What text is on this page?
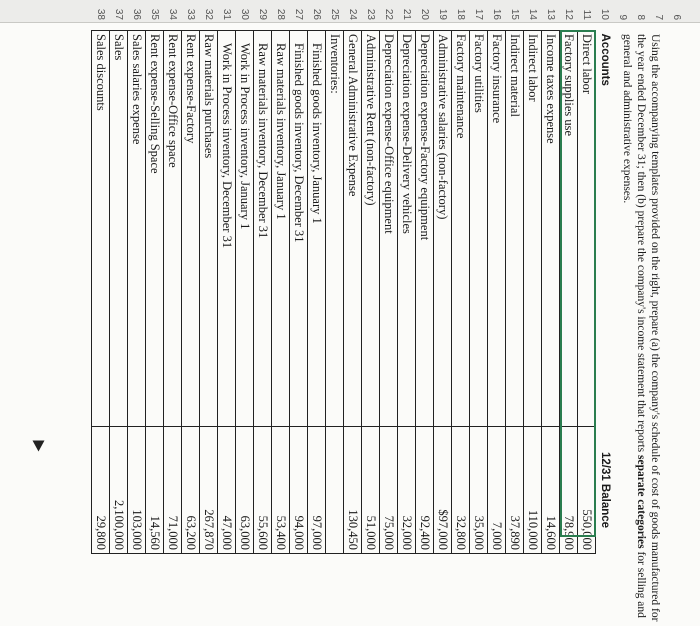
6
7
8
9
10
11
12
13
14
15
16
17
18
19
20
21
22
23
24
25
26
27
28
29
30
31
32
33
34
35
36
37
38
Using the accompanying templates provided on the right, prepare (a) the company's schedule of cost of goods manufactured for the year ended December 31; then (b) prepare the company's income statement that reports separate categories for selling and general and administrative expenses.
Accounts	12/31 Balance
Direct labor	550,000
Factory supplies use	78,900
Income taxes expense	14,600
Indirect labor	110,000
Indirect material	37,890
Factory insurance	7,000
Factory utilities	35,000
Factory maintenance	32,800
Administrative salaries (non-factory)	$97,000
Depreciation expense-Factory equipment	92,400
Depreciation expense-Delivery vehicles	32,000
Depreciation expense-Office equipment	75,000
Administrative Rent (non-factory)	51,000
General Administrative Expense	130,450
Inventories:	
Finished goods inventory, January 1	97,000
Finished goods inventory, December 31	94,000
Raw materials inventory, January 1	53,400
Raw materials inventory, December 31	55,600
Work in Process inventory, January 1	63,000
Work in Process inventory, December 31	47,000
Raw materials purchases	267,870
Rent expense-Factory	63,200
Rent expense-Office space	71,000
Rent expense-Selling Space	14,560
Sales salaries expense	103,000
Sales	2,100,000
Sales discounts	29,800
